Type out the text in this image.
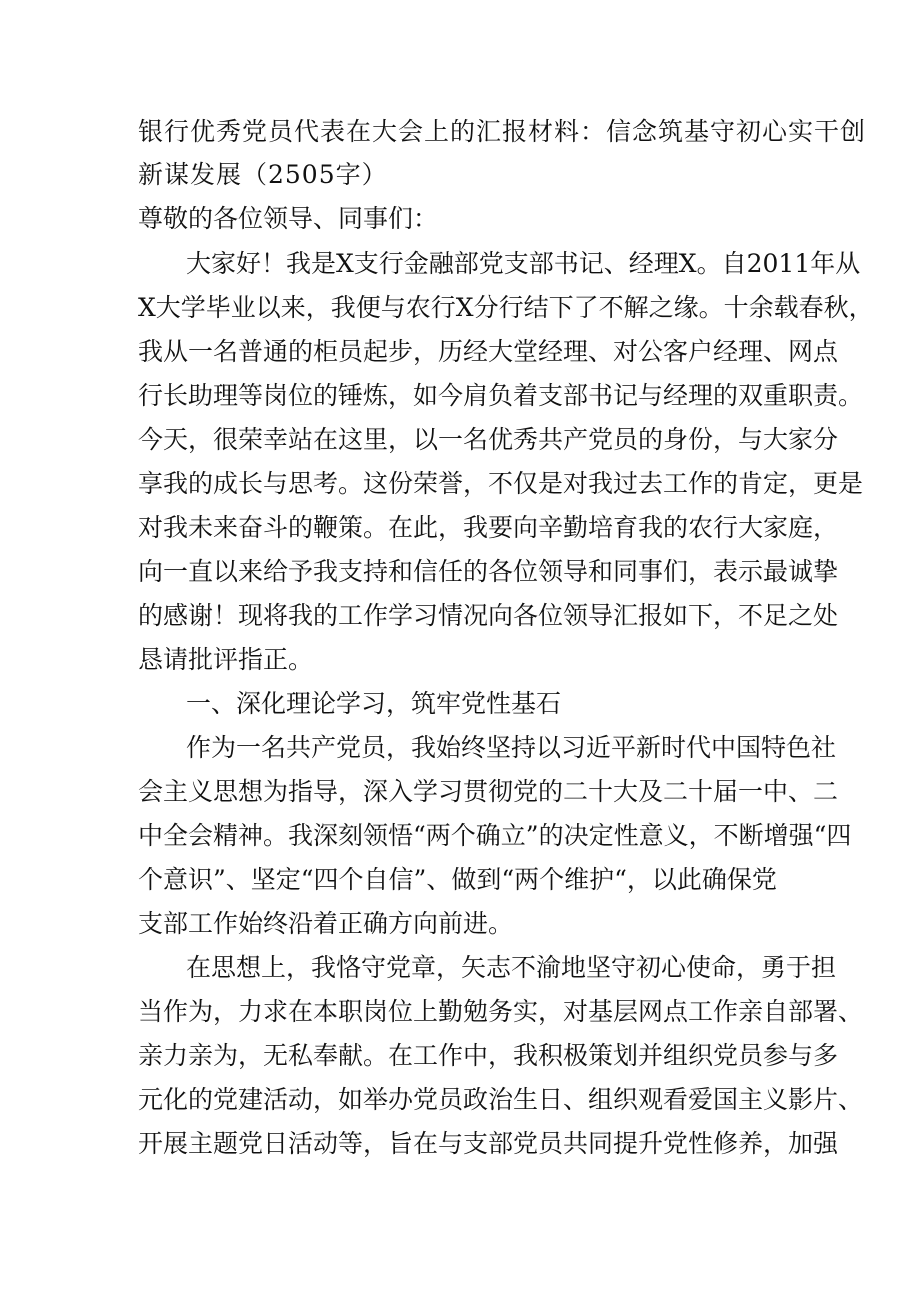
银行优秀党员代表在大会上的汇报材料：信念筑基守初心实干创
新谋发展（2505字）
尊敬的各位领导、同事们：
大家好！我是X支行金融部党支部书记、经理X。自2011年从
X大学毕业以来，我便与农行X分行结下了不解之缘。十余载春秋，
我从一名普通的柜员起步，历经大堂经理、对公客户经理、网点
行长助理等岗位的锤炼，如今肩负着支部书记与经理的双重职责。
今天，很荣幸站在这里，以一名优秀共产党员的身份，与大家分
享我的成长与思考。这份荣誉，不仅是对我过去工作的肯定，更是
对我未来奋斗的鞭策。在此，我要向辛勤培育我的农行大家庭，
向一直以来给予我支持和信任的各位领导和同事们，表示最诚挚
的感谢！现将我的工作学习情况向各位领导汇报如下，不足之处
恳请批评指正。
一、深化理论学习，筑牢党性基石
作为一名共产党员，我始终坚持以习近平新时代中国特色社
会主义思想为指导，深入学习贯彻党的二十大及二十届一中、二
中全会精神。我深刻领悟“两个确立”的决定性意义，不断增强“四
个意识”、坚定“四个自信”、做到“两个维护“，以此确保党
支部工作始终沿着正确方向前进。
在思想上，我恪守党章，矢志不渝地坚守初心使命，勇于担
当作为，力求在本职岗位上勤勉务实，对基层网点工作亲自部署、
亲力亲为，无私奉献。在工作中，我积极策划并组织党员参与多
元化的党建活动，如举办党员政治生日、组织观看爱国主义影片、
开展主题党日活动等，旨在与支部党员共同提升党性修养，加强
